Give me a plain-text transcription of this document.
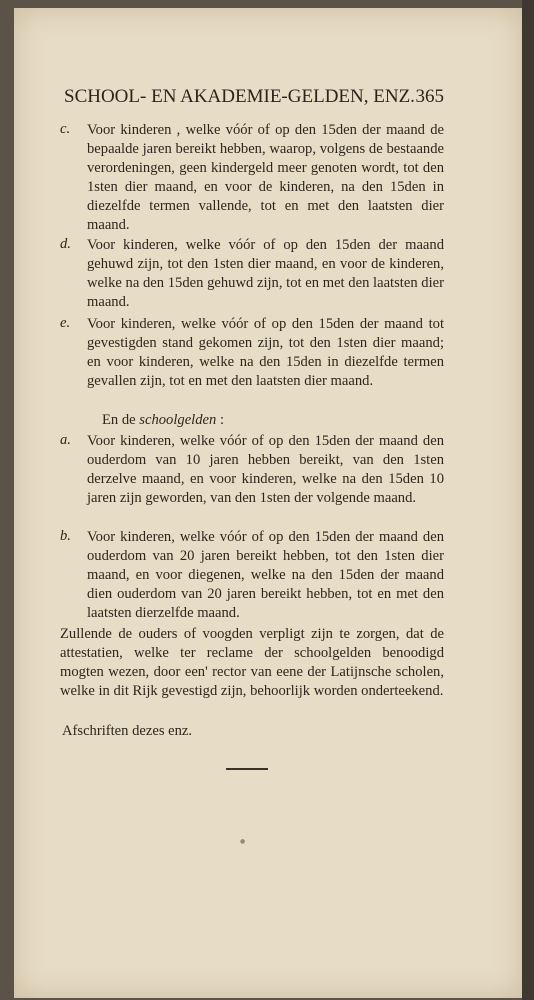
SCHOOL- EN AKADEMIE-GELDEN, ENZ. 365
c.	Voor kinderen , welke vóór of op den 15den der maand de bepaalde jaren bereikt hebben, waarop, volgens de bestaande verordeningen, geen kindergeld meer genoten wordt, tot den 1sten dier maand, en voor de kinderen, na den 15den in diezelfde termen vallende, tot en met den laatsten dier maand.
d.	Voor kinderen, welke vóór of op den 15den der maand gehuwd zijn, tot den 1sten dier maand, en voor de kinderen, welke na den 15den gehuwd zijn, tot en met den laatsten dier maand.
e.	Voor kinderen, welke vóór of op den 15den der maand tot gevestigden stand gekomen zijn, tot den 1sten dier maand; en voor kinderen, welke na den 15den in diezelfde termen gevallen zijn, tot en met den laatsten dier maand.
En de schoolgelden :
a.	Voor kinderen, welke vóór of op den 15den der maand den ouderdom van 10 jaren hebben bereikt, van den 1sten derzelve maand, en voor kinderen, welke na den 15den 10 jaren zijn geworden, van den 1sten der volgende maand.
b.	Voor kinderen, welke vóór of op den 15den der maand den ouderdom van 20 jaren bereikt hebben, tot den 1sten dier maand, en voor diegenen, welke na den 15den der maand dien ouderdom van 20 jaren bereikt hebben, tot en met den laatsten dierzelfde maand.
Zullende de ouders of voogden verpligt zijn te zorgen, dat de attestatien, welke ter reclame der schoolgelden benoodigd mogten wezen, door een' rector van eene der Latijnsche scholen, welke in dit Rijk gevestigd zijn, behoorlijk worden onderteekend.
Afschriften dezes enz.
●
